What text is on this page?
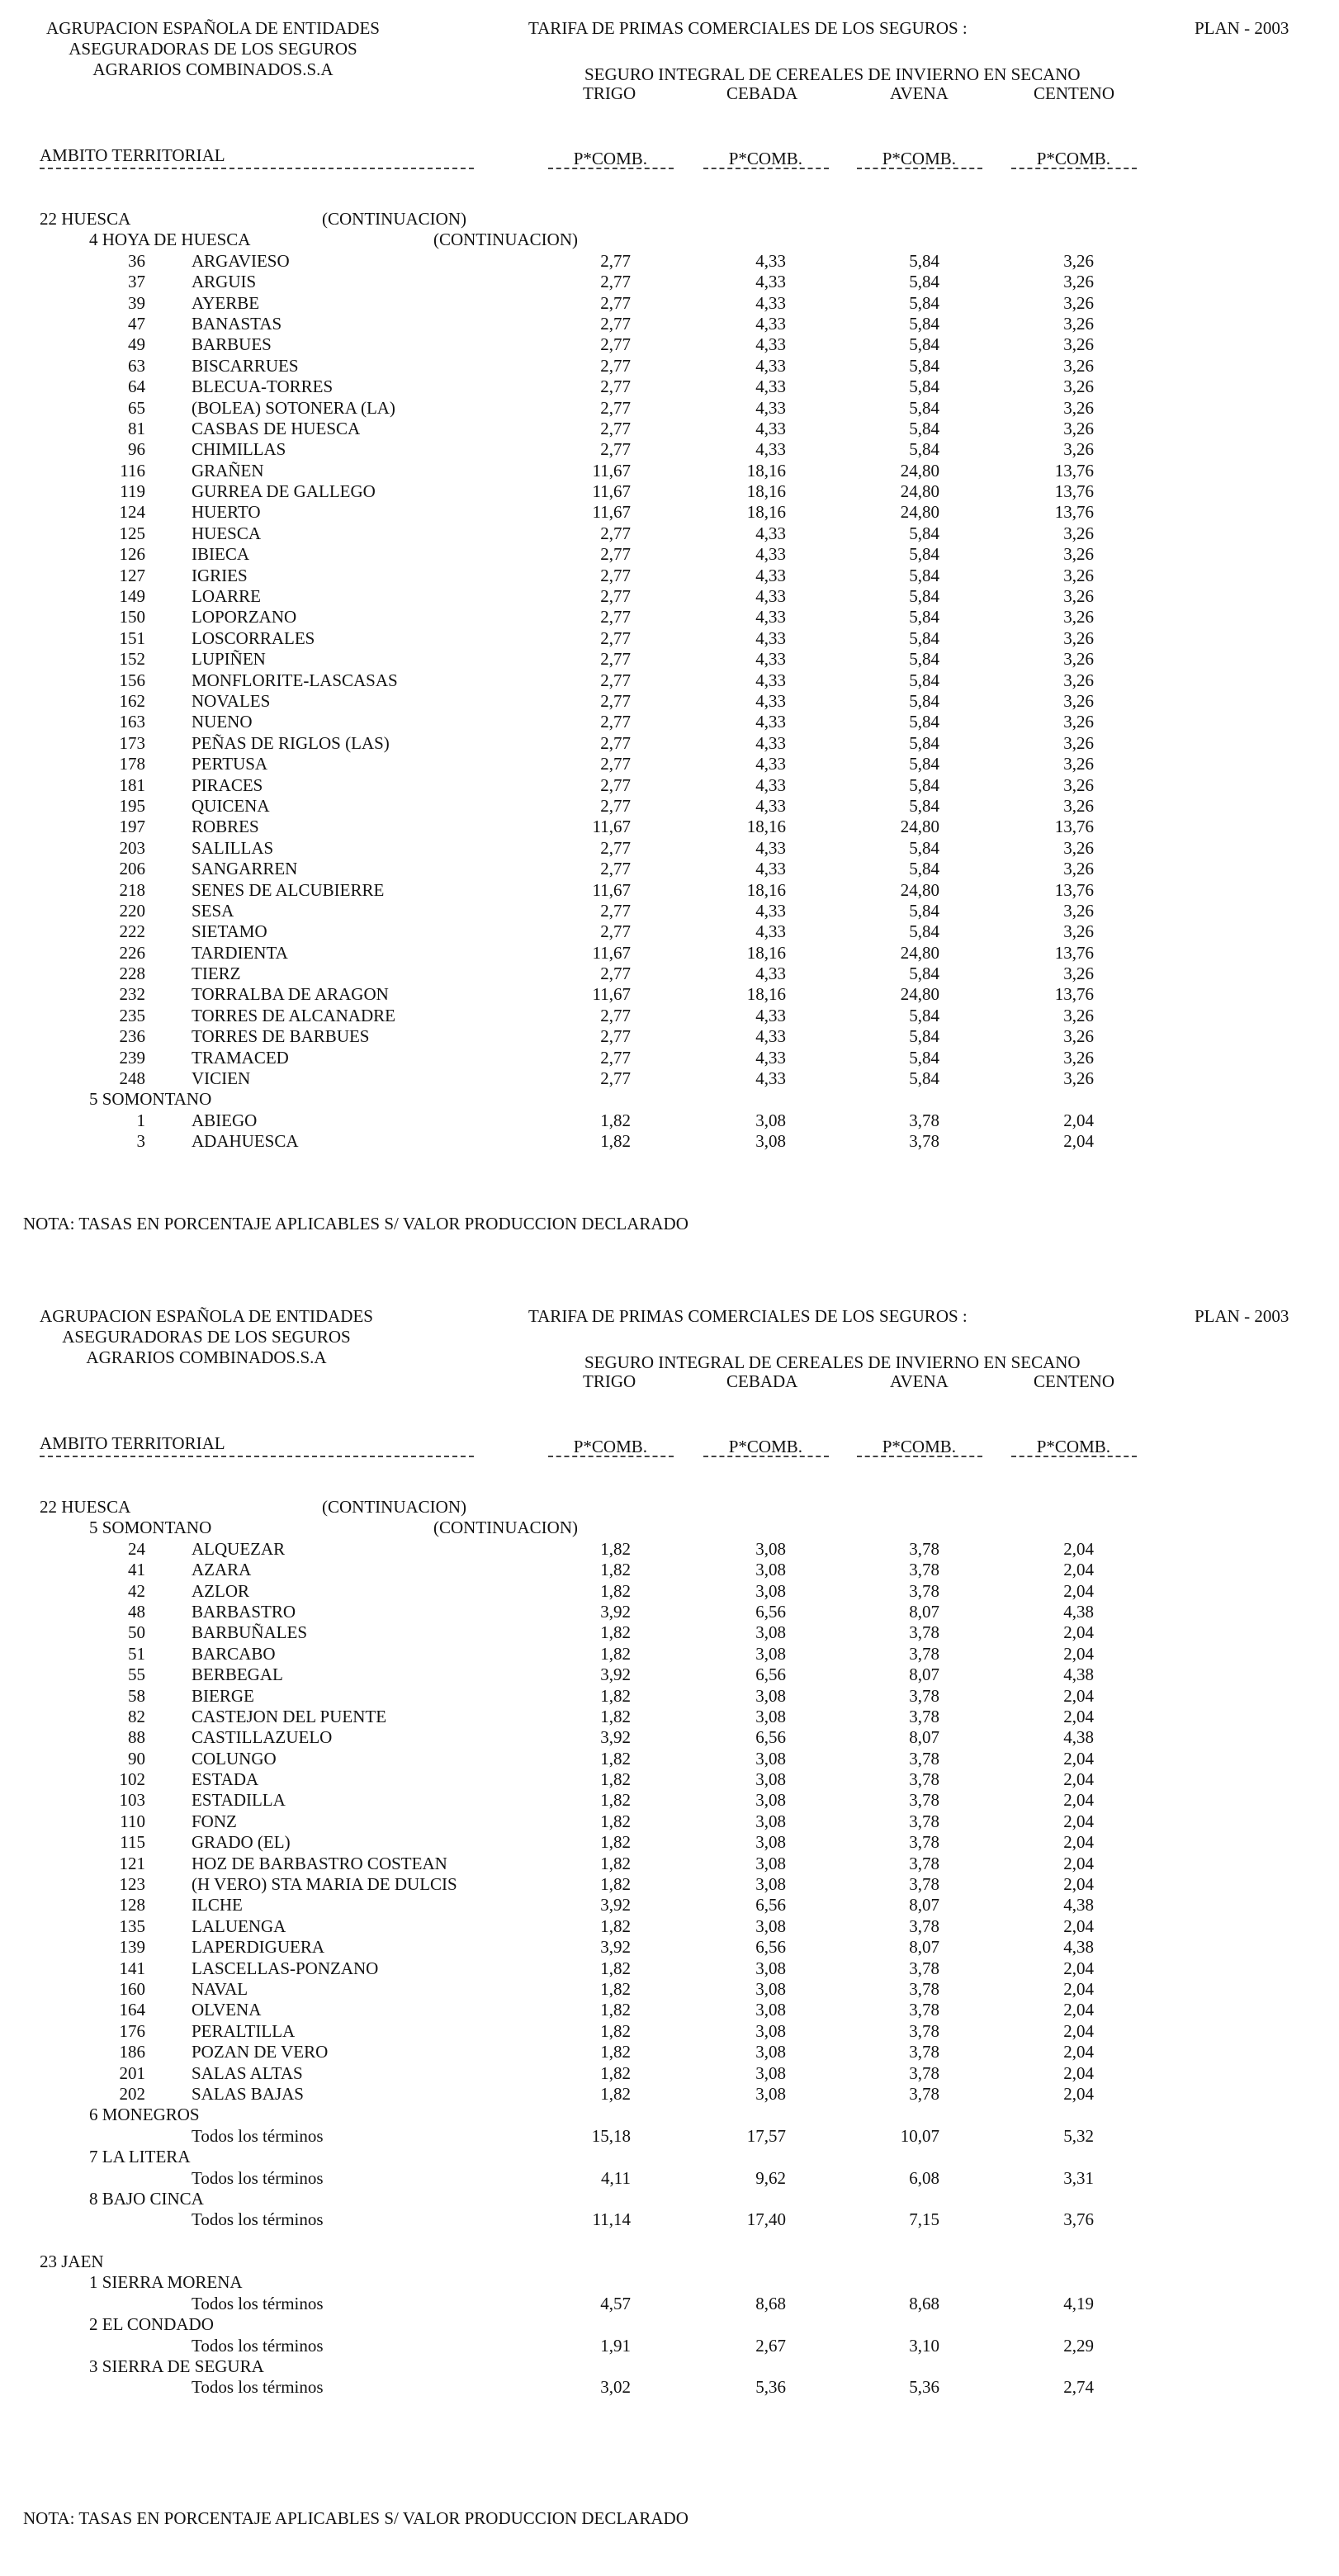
AGRUPACION ESPAÑOLA DE ENTIDADES
ASEGURADORAS DE LOS SEGUROS
AGRARIOS COMBINADOS.S.A
TARIFA DE PRIMAS COMERCIALES DE LOS SEGUROS :	PLAN - 2003
SEGURO INTEGRAL DE CEREALES DE INVIERNO EN SECANO
TRIGO	CEBADA	AVENA	CENTENO
AMBITO TERRITORIAL	P*COMB.	P*COMB.	P*COMB.	P*COMB.
22 HUESCA	(CONTINUACION)
4 HOYA DE HUESCA	(CONTINUACION)
36	ARGAVIESO	2,77	4,33	5,84	3,26
37	ARGUIS	2,77	4,33	5,84	3,26
39	AYERBE	2,77	4,33	5,84	3,26
47	BANASTAS	2,77	4,33	5,84	3,26
49	BARBUES	2,77	4,33	5,84	3,26
63	BISCARRUES	2,77	4,33	5,84	3,26
64	BLECUA-TORRES	2,77	4,33	5,84	3,26
65	(BOLEA) SOTONERA (LA)	2,77	4,33	5,84	3,26
81	CASBAS DE HUESCA	2,77	4,33	5,84	3,26
96	CHIMILLAS	2,77	4,33	5,84	3,26
116	GRAÑEN	11,67	18,16	24,80	13,76
119	GURREA DE GALLEGO	11,67	18,16	24,80	13,76
124	HUERTO	11,67	18,16	24,80	13,76
125	HUESCA	2,77	4,33	5,84	3,26
126	IBIECA	2,77	4,33	5,84	3,26
127	IGRIES	2,77	4,33	5,84	3,26
149	LOARRE	2,77	4,33	5,84	3,26
150	LOPORZANO	2,77	4,33	5,84	3,26
151	LOSCORRALES	2,77	4,33	5,84	3,26
152	LUPIÑEN	2,77	4,33	5,84	3,26
156	MONFLORITE-LASCASAS	2,77	4,33	5,84	3,26
162	NOVALES	2,77	4,33	5,84	3,26
163	NUENO	2,77	4,33	5,84	3,26
173	PEÑAS DE RIGLOS (LAS)	2,77	4,33	5,84	3,26
178	PERTUSA	2,77	4,33	5,84	3,26
181	PIRACES	2,77	4,33	5,84	3,26
195	QUICENA	2,77	4,33	5,84	3,26
197	ROBRES	11,67	18,16	24,80	13,76
203	SALILLAS	2,77	4,33	5,84	3,26
206	SANGARREN	2,77	4,33	5,84	3,26
218	SENES DE ALCUBIERRE	11,67	18,16	24,80	13,76
220	SESA	2,77	4,33	5,84	3,26
222	SIETAMO	2,77	4,33	5,84	3,26
226	TARDIENTA	11,67	18,16	24,80	13,76
228	TIERZ	2,77	4,33	5,84	3,26
232	TORRALBA DE ARAGON	11,67	18,16	24,80	13,76
235	TORRES DE ALCANADRE	2,77	4,33	5,84	3,26
236	TORRES DE BARBUES	2,77	4,33	5,84	3,26
239	TRAMACED	2,77	4,33	5,84	3,26
248	VICIEN	2,77	4,33	5,84	3,26
5 SOMONTANO
1	ABIEGO	1,82	3,08	3,78	2,04
3	ADAHUESCA	1,82	3,08	3,78	2,04
NOTA: TASAS EN PORCENTAJE APLICABLES S/ VALOR PRODUCCION DECLARADO
AGRUPACION ESPAÑOLA DE ENTIDADES
ASEGURADORAS DE LOS SEGUROS
AGRARIOS COMBINADOS.S.A
TARIFA DE PRIMAS COMERCIALES DE LOS SEGUROS :	PLAN - 2003
SEGURO INTEGRAL DE CEREALES DE INVIERNO EN SECANO
TRIGO	CEBADA	AVENA	CENTENO
AMBITO TERRITORIAL	P*COMB.	P*COMB.	P*COMB.	P*COMB.
22 HUESCA	(CONTINUACION)
5 SOMONTANO	(CONTINUACION)
24	ALQUEZAR	1,82	3,08	3,78	2,04
41	AZARA	1,82	3,08	3,78	2,04
42	AZLOR	1,82	3,08	3,78	2,04
48	BARBASTRO	3,92	6,56	8,07	4,38
50	BARBUÑALES	1,82	3,08	3,78	2,04
51	BARCABO	1,82	3,08	3,78	2,04
55	BERBEGAL	3,92	6,56	8,07	4,38
58	BIERGE	1,82	3,08	3,78	2,04
82	CASTEJON DEL PUENTE	1,82	3,08	3,78	2,04
88	CASTILLAZUELO	3,92	6,56	8,07	4,38
90	COLUNGO	1,82	3,08	3,78	2,04
102	ESTADA	1,82	3,08	3,78	2,04
103	ESTADILLA	1,82	3,08	3,78	2,04
110	FONZ	1,82	3,08	3,78	2,04
115	GRADO (EL)	1,82	3,08	3,78	2,04
121	HOZ DE BARBASTRO COSTEAN	1,82	3,08	3,78	2,04
123	(H VERO) STA MARIA DE DULCIS	1,82	3,08	3,78	2,04
128	ILCHE	3,92	6,56	8,07	4,38
135	LALUENGA	1,82	3,08	3,78	2,04
139	LAPERDIGUERA	3,92	6,56	8,07	4,38
141	LASCELLAS-PONZANO	1,82	3,08	3,78	2,04
160	NAVAL	1,82	3,08	3,78	2,04
164	OLVENA	1,82	3,08	3,78	2,04
176	PERALTILLA	1,82	3,08	3,78	2,04
186	POZAN DE VERO	1,82	3,08	3,78	2,04
201	SALAS ALTAS	1,82	3,08	3,78	2,04
202	SALAS BAJAS	1,82	3,08	3,78	2,04
6 MONEGROS
Todos los términos	15,18	17,57	10,07	5,32
7 LA LITERA
Todos los términos	4,11	9,62	6,08	3,31
8 BAJO CINCA
Todos los términos	11,14	17,40	7,15	3,76
23 JAEN
1 SIERRA MORENA
Todos los términos	4,57	8,68	8,68	4,19
2 EL CONDADO
Todos los términos	1,91	2,67	3,10	2,29
3 SIERRA DE SEGURA
Todos los términos	3,02	5,36	5,36	2,74
NOTA: TASAS EN PORCENTAJE APLICABLES S/ VALOR PRODUCCION DECLARADO
